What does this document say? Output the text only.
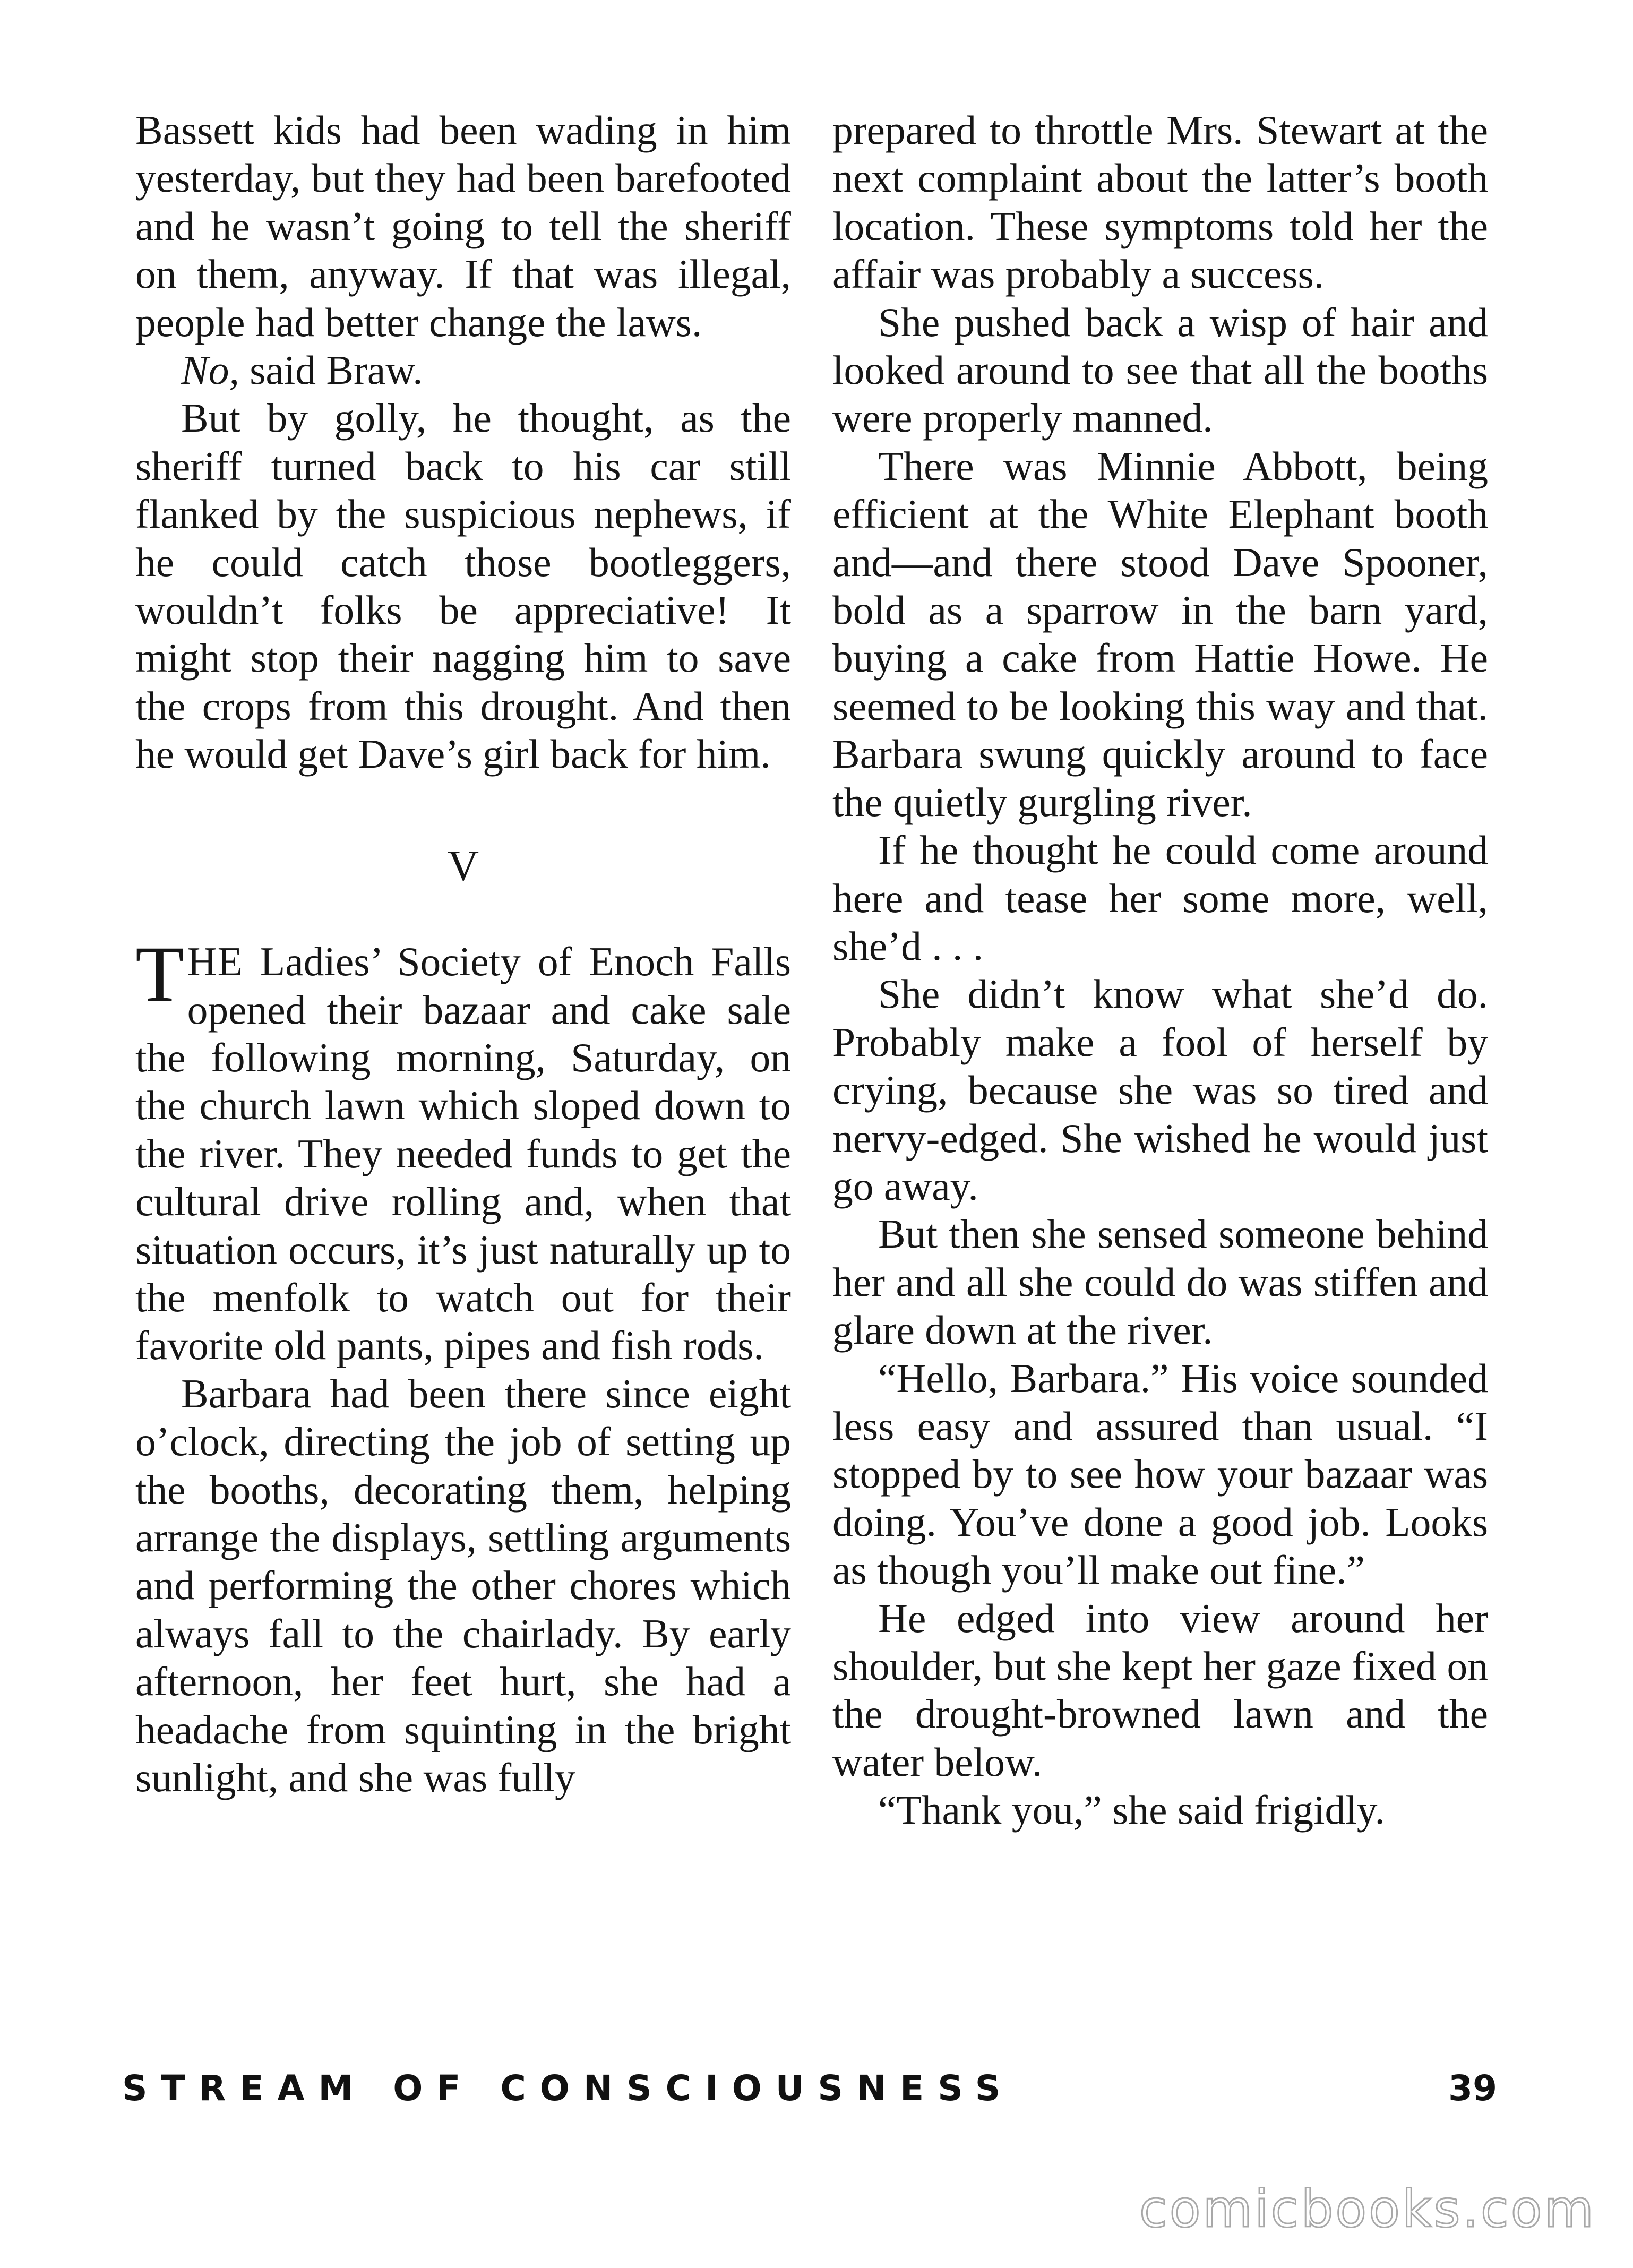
Bassett kids had been wading in him yesterday, but they had been barefooted and he wasn’t going to tell the sheriff on them, anyway. If that was illegal, people had better change the laws.

No, said Braw.

But by golly, he thought, as the sheriff turned back to his car still flanked by the suspicious nephews, if he could catch those bootleggers, wouldn’t folks be appreciative! It might stop their nagging him to save the crops from this drought. And then he would get Dave’s girl back for him.

V

THE Ladies’ Society of Enoch Falls opened their bazaar and cake sale the following morning, Saturday, on the church lawn which sloped down to the river. They needed funds to get the cultural drive rolling and, when that situation occurs, it’s just naturally up to the menfolk to watch out for their favorite old pants, pipes and fish rods.

Barbara had been there since eight o’clock, directing the job of setting up the booths, decorating them, helping arrange the displays, settling arguments and performing the other chores which always fall to the chairlady. By early afternoon, her feet hurt, she had a headache from squinting in the bright sunlight, and she was fully

prepared to throttle Mrs. Stewart at the next complaint about the latter’s booth location. These symptoms told her the affair was probably a success.

She pushed back a wisp of hair and looked around to see that all the booths were properly manned.

There was Minnie Abbott, being efficient at the White Elephant booth and—and there stood Dave Spooner, bold as a sparrow in the barn yard, buying a cake from Hattie Howe. He seemed to be looking this way and that. Barbara swung quickly around to face the quietly gurgling river.

If he thought he could come around here and tease her some more, well, she’d . . .

She didn’t know what she’d do. Probably make a fool of herself by crying, because she was so tired and nervy-edged. She wished he would just go away.

But then she sensed someone behind her and all she could do was stiffen and glare down at the river.

“Hello, Barbara.” His voice sounded less easy and assured than usual. “I stopped by to see how your bazaar was doing. You’ve done a good job. Looks as though you’ll make out fine.”

He edged into view around her shoulder, but she kept her gaze fixed on the drought-browned lawn and the water below.

“Thank you,” she said frigidly.

STREAM OF CONSCIOUSNESS	39
comicbooks.com
